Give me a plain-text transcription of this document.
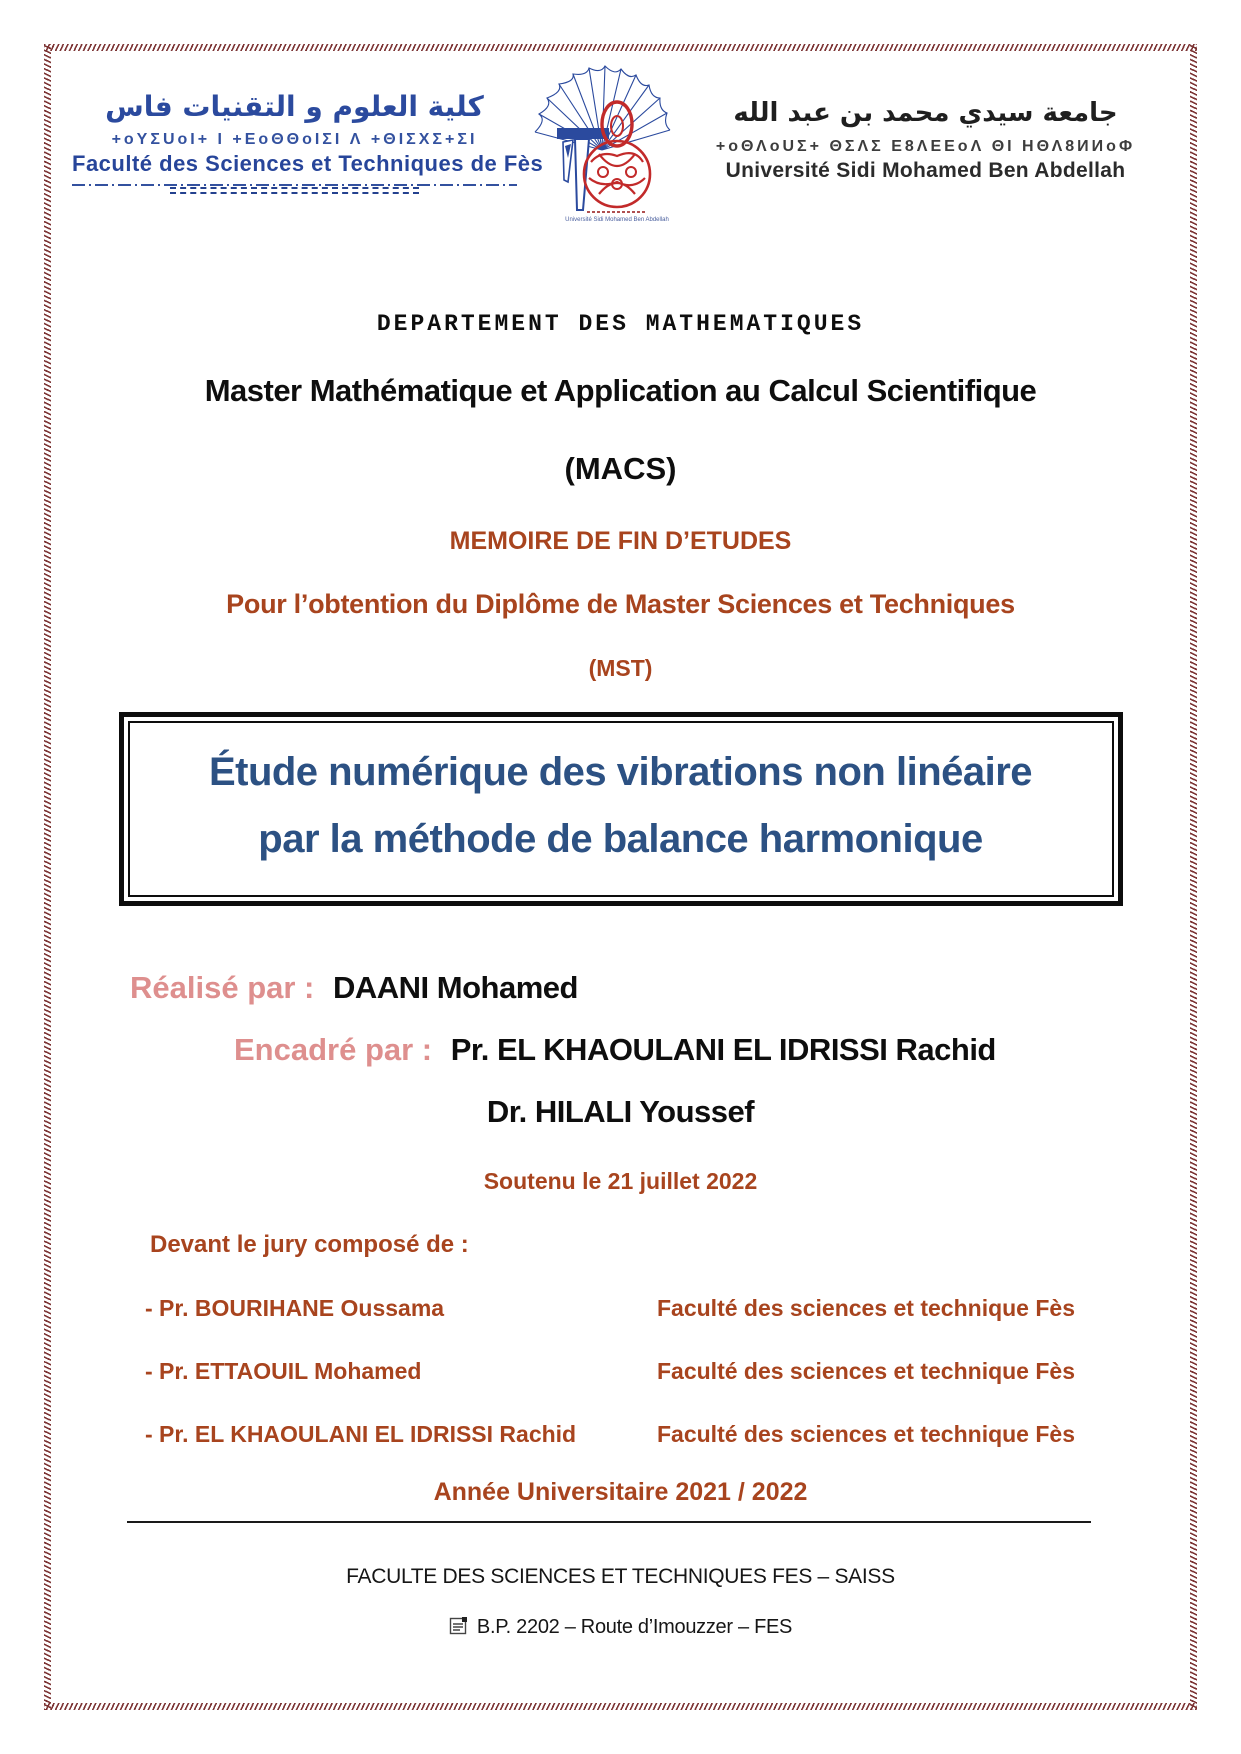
كلية العلوم و التقنيات فاس
+oYΣUoI+ I +ΕoΘΘoIΣI Λ +ΘIΣΧΣ+ΣI
Faculté des Sciences et Techniques de Fès
Université Sidi Mohamed Ben Abdellah
جامعة سيدي محمد بن عبد الله
+oΘΛoUΣ+ ΘΣΛΣ Ε8ΛΕΕoΛ ΘΙ ΗΘΛ8ИИoΦ
Université Sidi Mohamed Ben Abdellah
DEPARTEMENT DES MATHEMATIQUES
Master Mathématique et Application au Calcul Scientifique
(MACS)
MEMOIRE DE FIN D’ETUDES
Pour l’obtention du Diplôme de Master Sciences et Techniques
(MST)
Étude numérique des vibrations non linéaire
par la méthode de balance harmonique
Réalisé par : DAANI Mohamed
Encadré par : Pr. EL KHAOULANI EL IDRISSI Rachid
Dr. HILALI Youssef
Soutenu le 21 juillet 2022
Devant le jury composé de :
- Pr. BOURIHANE Oussama	Faculté des sciences et technique Fès
- Pr. ETTAOUIL Mohamed	Faculté des sciences et technique Fès
- Pr. EL KHAOULANI EL IDRISSI Rachid	Faculté des sciences et technique Fès
Année Universitaire 2021 / 2022
FACULTE DES SCIENCES ET TECHNIQUES FES – SAISS
B.P. 2202 – Route d’Imouzzer – FES
